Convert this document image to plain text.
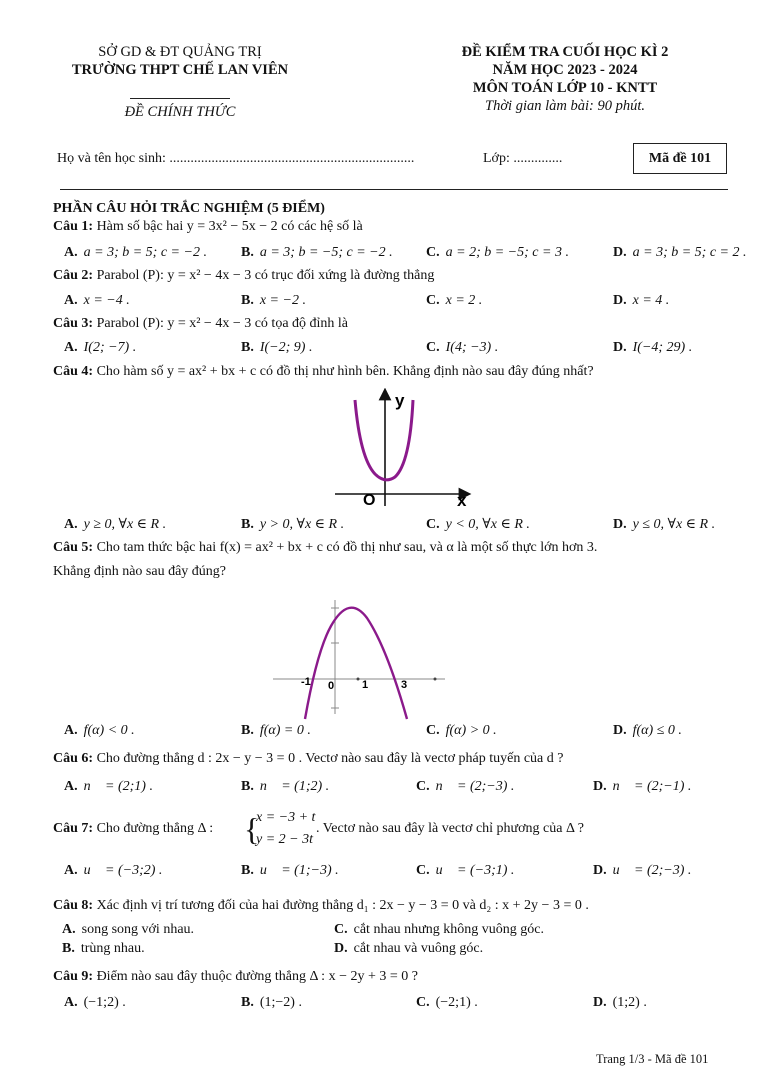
SỞ GD & ĐT QUẢNG TRỊ
TRƯỜNG THPT CHẾ LAN VIÊN
ĐỀ CHÍNH THỨC
ĐỀ KIỂM TRA CUỐI HỌC KÌ 2
NĂM HỌC 2023 - 2024
MÔN TOÁN LỚP 10 - KNTT
Thời gian làm bài: 90 phút.
Họ và tên học sinh: ......................................................................	Lớp: ..............	Mã đề 101
PHẦN CÂU HỎI TRẮC NGHIỆM (5 ĐIỂM)
Câu 1: Hàm số bậc hai y = 3x² − 5x − 2 có các hệ số là
A. a = 3; b = 5; c = −2 . B. a = 3; b = −5; c = −2 . C. a = 2; b = −5; c = 3 .	D. a = 3; b = 5; c = 2 .
Câu 2: Parabol (P): y = x² − 4x − 3 có trục đối xứng là đường thẳng
A. x = −4 .	B. x = −2 .	C. x = 2 .	D. x = 4 .
Câu 3: Parabol (P): y = x² − 4x − 3 có tọa độ đỉnh là
A. I(2; −7) .	B. I(−2; 9) .	C. I(4; −3) .	D. I(−4; 29) .
Câu 4: Cho hàm số y = ax² + bx + c có đồ thị như hình bên. Khẳng định nào sau đây đúng nhất?
y
x
O
A. y ≥ 0, ∀x ∈ R .	B. y > 0, ∀x ∈ R .	C. y < 0, ∀x ∈ R .	D. y ≤ 0, ∀x ∈ R .
Câu 5: Cho tam thức bậc hai f(x) = ax² + bx + c có đồ thị như sau, và α là một số thực lớn hơn 3.
Khẳng định nào sau đây đúng?
-1 0	1	3
A. f(α) < 0 .	B. f(α) = 0 .	C. f(α) > 0 .	D. f(α) ≤ 0 .
Câu 6: Cho đường thẳng d : 2x − y − 3 = 0 . Vectơ nào sau đây là vectơ pháp tuyến của d ?
A. n⃗ = (2;1) .	B. n⃗ = (1;2) .	C. n⃗ = (2;−3) .	D. n⃗ = (2;−1) .
Câu 7: Cho đường thẳng Δ : {
x = −3 + t
y = 2 − 3t
. Vectơ nào sau đây là vectơ chỉ phương của Δ ?
A. u⃗ = (−3;2) .	B. u⃗ = (1;−3) .	C. u⃗ = (−3;1) .	D. u⃗ = (2;−3) .
Câu 8: Xác định vị trí tương đối của hai đường thẳng d₁ : 2x − y − 3 = 0 và d₂ : x + 2y − 3 = 0 .
A. song song với nhau.	C. cắt nhau nhưng không vuông góc.
B. trùng nhau.	D. cắt nhau và vuông góc.
Câu 9: Điểm nào sau đây thuộc đường thẳng Δ : x − 2y + 3 = 0 ?
A. (−1;2) .	B. (1;−2) .	C. (−2;1) .	D. (1;2) .
Trang 1/3 - Mã đề 101
